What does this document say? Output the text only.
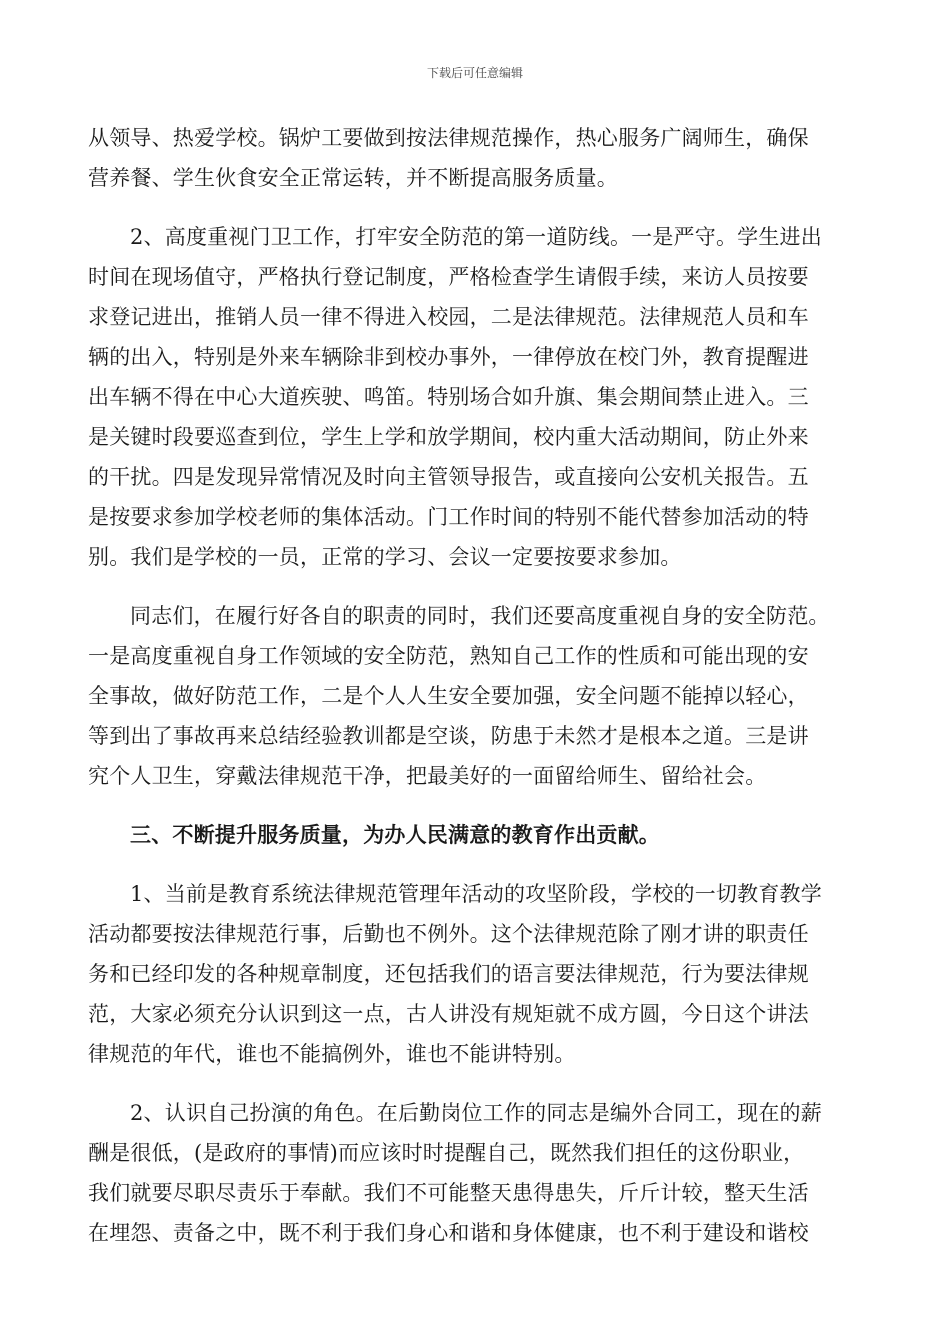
下载后可任意编辑
从领导、热爱学校。锅炉工要做到按法律规范操作，热心服务广阔师生，确保
营养餐、学生伙食安全正常运转，并不断提高服务质量。
2、高度重视门卫工作，打牢安全防范的第一道防线。一是严守。学生进出
时间在现场值守，严格执行登记制度，严格检查学生请假手续，来访人员按要
求登记进出，推销人员一律不得进入校园，二是法律规范。法律规范人员和车
辆的出入，特别是外来车辆除非到校办事外，一律停放在校门外，教育提醒进
出车辆不得在中心大道疾驶、鸣笛。特别场合如升旗、集会期间禁止进入。三
是关键时段要巡查到位，学生上学和放学期间，校内重大活动期间，防止外来
的干扰。四是发现异常情况及时向主管领导报告，或直接向公安机关报告。五
是按要求参加学校老师的集体活动。门工作时间的特别不能代替参加活动的特
别。我们是学校的一员，正常的学习、会议一定要按要求参加。
同志们，在履行好各自的职责的同时，我们还要高度重视自身的安全防范。
一是高度重视自身工作领域的安全防范，熟知自己工作的性质和可能出现的安
全事故，做好防范工作，二是个人人生安全要加强，安全问题不能掉以轻心，
等到出了事故再来总结经验教训都是空谈，防患于未然才是根本之道。三是讲
究个人卫生，穿戴法律规范干净，把最美好的一面留给师生、留给社会。
三、不断提升服务质量，为办人民满意的教育作出贡献。
1、当前是教育系统法律规范管理年活动的攻坚阶段，学校的一切教育教学
活动都要按法律规范行事，后勤也不例外。这个法律规范除了刚才讲的职责任
务和已经印发的各种规章制度，还包括我们的语言要法律规范，行为要法律规
范，大家必须充分认识到这一点，古人讲没有规矩就不成方圆，今日这个讲法
律规范的年代，谁也不能搞例外，谁也不能讲特别。
2、认识自己扮演的角色。在后勤岗位工作的同志是编外合同工，现在的薪
酬是很低，(是政府的事情)而应该时时提醒自己，既然我们担任的这份职业，
我们就要尽职尽责乐于奉献。我们不可能整天患得患失，斤斤计较，整天生活
在埋怨、责备之中，既不利于我们身心和谐和身体健康，也不利于建设和谐校
